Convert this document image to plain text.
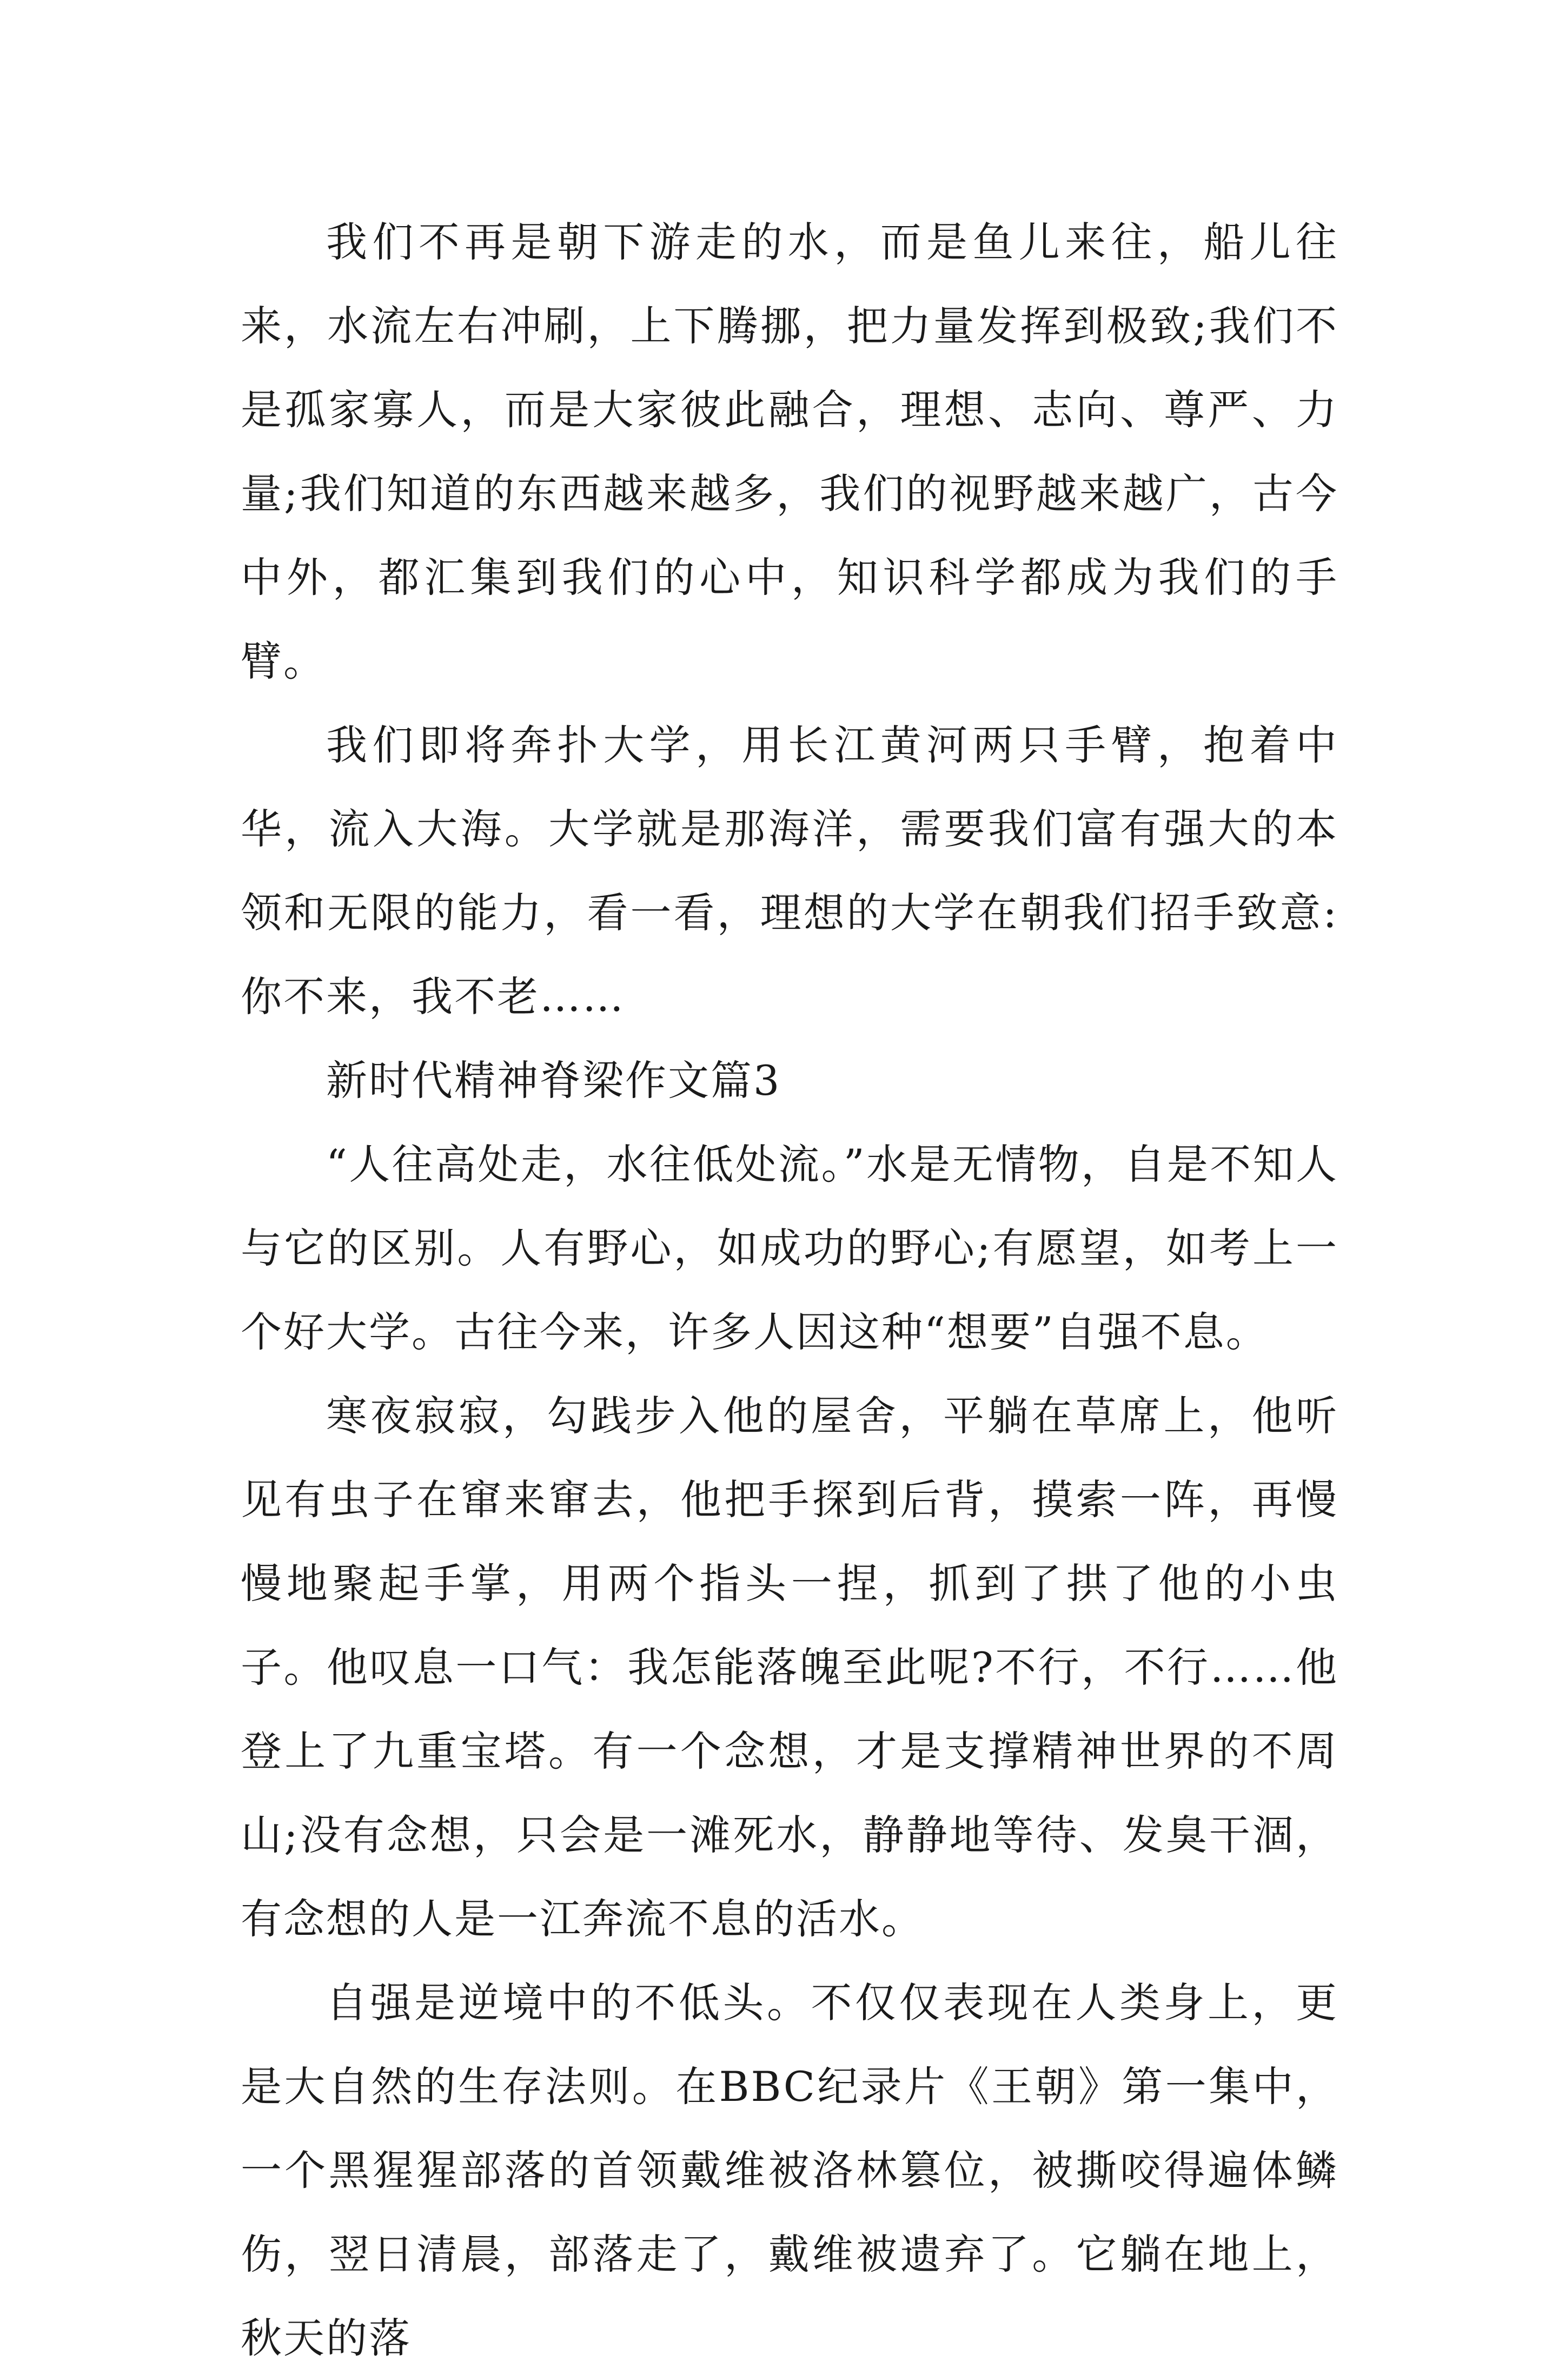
我们不再是朝下游走的水，而是鱼儿来往，船儿往来，水流左右冲刷，上下腾挪，把力量发挥到极致;我们不是孤家寡人，而是大家彼此融合，理想、志向、尊严、力量;我们知道的东西越来越多，我们的视野越来越广，古今中外，都汇集到我们的心中，知识科学都成为我们的手臂。

我们即将奔扑大学，用长江黄河两只手臂，抱着中华，流入大海。大学就是那海洋，需要我们富有强大的本领和无限的能力，看一看，理想的大学在朝我们招手致意:你不来，我不老……

新时代精神脊梁作文篇3

“人往高处走，水往低处流。”水是无情物，自是不知人与它的区别。人有野心，如成功的野心;有愿望，如考上一个好大学。古往今来，许多人因这种“想要”自强不息。

寒夜寂寂，勾践步入他的屋舍，平躺在草席上，他听见有虫子在窜来窜去，他把手探到后背，摸索一阵，再慢慢地聚起手掌，用两个指头一捏，抓到了拱了他的小虫子。他叹息一口气：我怎能落魄至此呢?不行，不行……他登上了九重宝塔。有一个念想，才是支撑精神世界的不周山;没有念想，只会是一滩死水，静静地等待、发臭干涸，有念想的人是一江奔流不息的活水。

自强是逆境中的不低头。不仅仅表现在人类身上，更是大自然的生存法则。在BBC纪录片《王朝》第一集中，一个黑猩猩部落的首领戴维被洛林篡位，被撕咬得遍体鳞伤，翌日清晨，部落走了，戴维被遗弃了。它躺在地上，秋天的落
